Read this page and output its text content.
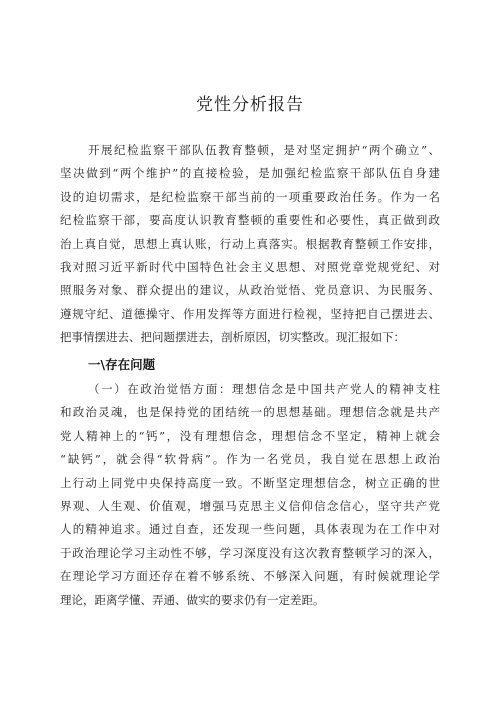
党性分析报告
开展纪检监察干部队伍教育整顿，是对坚定拥护“两个确立”、
坚决做到“两个维护”的直接检验，是加强纪检监察干部队伍自身建
设的迫切需求，是纪检监察干部当前的一项重要政治任务。作为一名
纪检监察干部，要高度认识教育整顿的重要性和必要性，真正做到政
治上真自觉，思想上真认账，行动上真落实。根据教育整顿工作安排，
我对照习近平新时代中国特色社会主义思想、对照党章党规党纪、对
照服务对象、群众提出的建议，从政治觉悟、党员意识、为民服务、
遵规守纪、道德操守、作用发挥等方面进行检视，坚持把自己摆进去、
把事情摆进去、把问题摆进去，剖析原因，切实整改。现汇报如下：
一\存在问题
（一）在政治觉悟方面：理想信念是中国共产党人的精神支柱
和政治灵魂，也是保持党的团结统一的思想基础。理想信念就是共产
党人精神上的“钙”，没有理想信念，理想信念不坚定，精神上就会
“缺钙”，就会得“软骨病”。作为一名党员，我自觉在思想上政治
上行动上同党中央保持高度一致。不断坚定理想信念，树立正确的世
界观、人生观、价值观，增强马克思主义信仰信念信心，坚守共产党
人的精神追求。通过自查，还发现一些问题，具体表现为在工作中对
于政治理论学习主动性不够，学习深度没有这次教育整顿学习的深入，
在理论学习方面还存在着不够系统、不够深入问题，有时候就理论学
理论，距离学懂、弄通、做实的要求仍有一定差距。
